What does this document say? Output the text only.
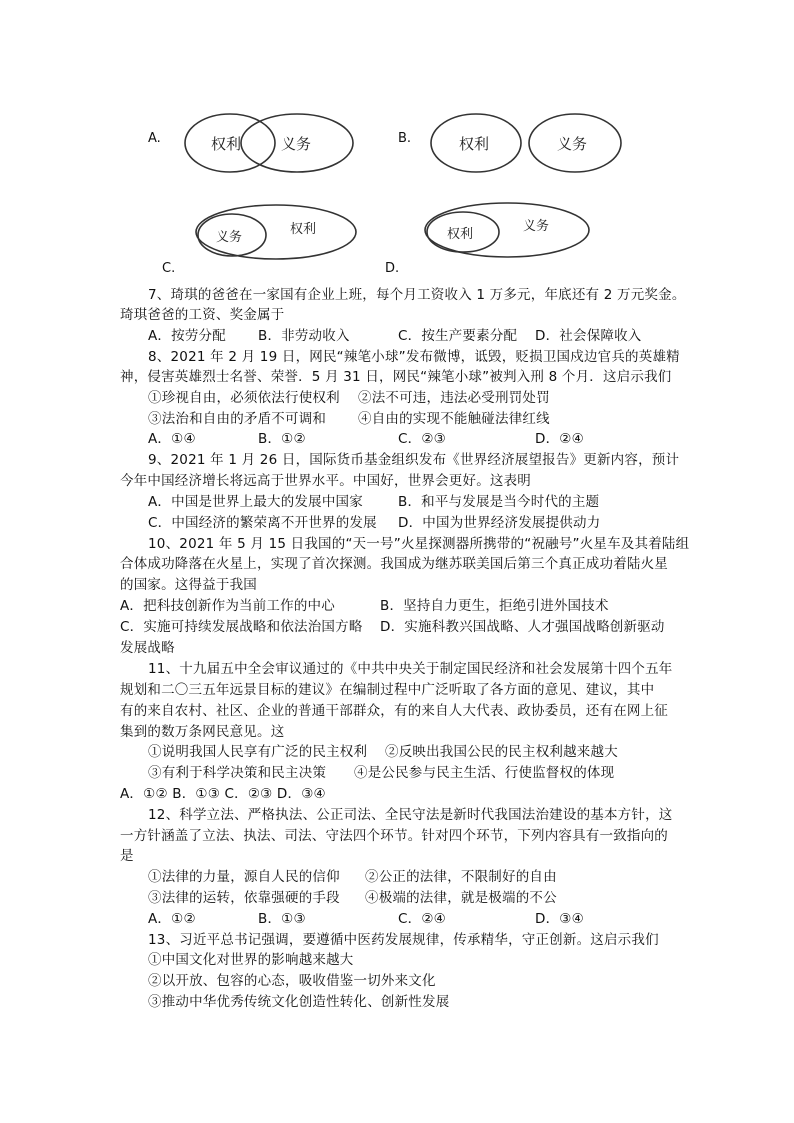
A.	权利	义务	B.	权利	义务
义务
权利
C.
权利
义务
D.
7、琦琪的爸爸在一家国有企业上班，每个月工资收入 1 万多元，年底还有 2 万元奖金。
琦琪爸爸的工资、奖金属于
A．按劳分配 B．非劳动收入	C．按生产要素分配 D．社会保障收入
8、2021 年 2 月 19 日，网民“辣笔小球”发布微博，诋毁，贬损卫国戍边官兵的英雄精
神，侵害英雄烈士名誉、荣誉．5 月 31 日，网民“辣笔小球”被判入刑 8 个月．这启示我们
①珍视自由，必须依法行使权利 ②法不可违，违法必受刑罚处罚
③法治和自由的矛盾不可调和 ④自由的实现不能触碰法律红线
A．①④	B．①②	C．②③	D．②④
9、2021 年 1 月 26 日，国际货币基金组织发布《世界经济展望报告》更新内容，预计
今年中国经济增长将远高于世界水平。中国好，世界会更好。这表明
A．中国是世界上最大的发展中国家	B．和平与发展是当今时代的主题
C．中国经济的繁荣离不开世界的发展 D．中国为世界经济发展提供动力
10、2021 年 5 月 15 日我国的“天一号”火星探测器所携带的“祝融号”火星车及其着陆组
合体成功降落在火星上，实现了首次探测。我国成为继苏联美国后第三个真正成功着陆火星
的国家。这得益于我国
A．把科技创新作为当前工作的中心	B．坚持自力更生，拒绝引进外国技术
C．实施可持续发展战略和依法治国方略 D．实施科教兴国战略、人才强国战略创新驱动
发展战略
11、十九届五中全会审议通过的《中共中央关于制定国民经济和社会发展第十四个五年
规划和二〇三五年远景目标的建议》在编制过程中广泛听取了各方面的意见、建议，其中
有的来自农村、社区、企业的普通干部群众，有的来自人大代表、政协委员，还有在网上征
集到的数万条网民意见。这
①说明我国人民享有广泛的民主权利 ②反映出我国公民的民主权利越来越大
③有利于科学决策和民主决策 ④是公民参与民主生活、行使监督权的体现
A．①② B．①③ C．②③ D．③④
12、科学立法、严格执法、公正司法、全民守法是新时代我国法治建设的基本方针，这
一方针涵盖了立法、执法、司法、守法四个环节。针对四个环节，下列内容具有一致指向的
是
①法律的力量，源自人民的信仰 ②公正的法律，不限制好的自由
③法律的运转，依靠强硬的手段 ④极端的法律，就是极端的不公
A．①②	B．①③	C．②④	D．③④
13、习近平总书记强调，要遵循中医药发展规律，传承精华，守正创新。这启示我们
①中国文化对世界的影响越来越大
②以开放、包容的心态，吸收借鉴一切外来文化
③推动中华优秀传统文化创造性转化、创新性发展
